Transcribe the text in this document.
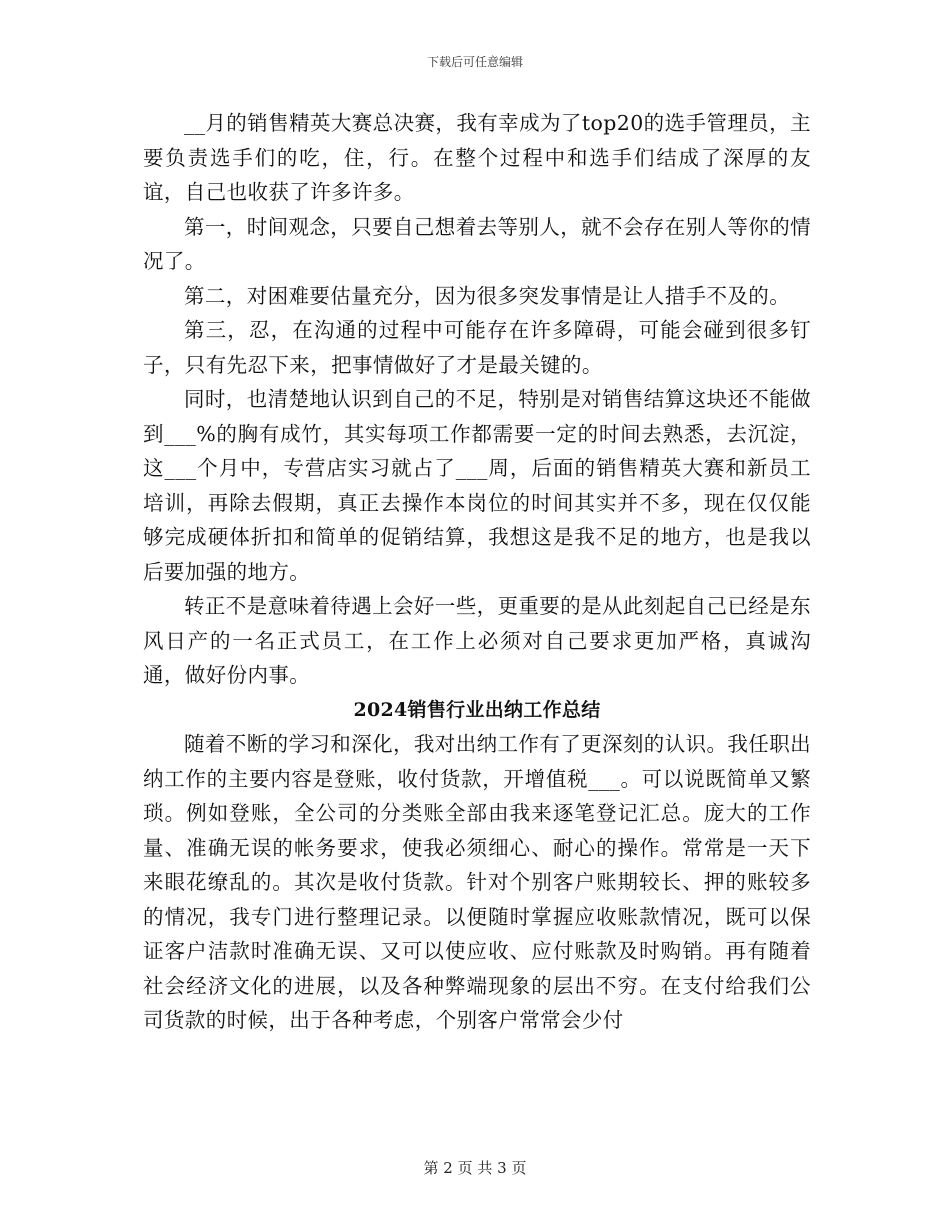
下载后可任意编辑

__月的销售精英大赛总决赛，我有幸成为了top20的选手管理员，主要负责选手们的吃，住，行。在整个过程中和选手们结成了深厚的友谊，自己也收获了许多许多。

第一，时间观念，只要自己想着去等别人，就不会存在别人等你的情况了。

第二，对困难要估量充分，因为很多突发事情是让人措手不及的。

第三，忍，在沟通的过程中可能存在许多障碍，可能会碰到很多钉子，只有先忍下来，把事情做好了才是最关键的。

同时，也清楚地认识到自己的不足，特别是对销售结算这块还不能做到___%的胸有成竹，其实每项工作都需要一定的时间去熟悉，去沉淀，这___个月中，专营店实习就占了___周，后面的销售精英大赛和新员工培训，再除去假期，真正去操作本岗位的时间其实并不多，现在仅仅能够完成硬体折扣和简单的促销结算，我想这是我不足的地方，也是我以后要加强的地方。

转正不是意味着待遇上会好一些，更重要的是从此刻起自己已经是东风日产的一名正式员工，在工作上必须对自己要求更加严格，真诚沟通，做好份内事。

2024销售行业出纳工作总结

随着不断的学习和深化，我对出纳工作有了更深刻的认识。我任职出纳工作的主要内容是登账，收付货款，开增值税___。可以说既简单又繁琐。例如登账，全公司的分类账全部由我来逐笔登记汇总。庞大的工作量、准确无误的帐务要求，使我必须细心、耐心的操作。常常是一天下来眼花缭乱的。其次是收付货款。针对个别客户账期较长、押的账较多的情况，我专门进行整理记录。以便随时掌握应收账款情况，既可以保证客户洁款时准确无误、又可以使应收、应付账款及时购销。再有随着社会经济文化的进展，以及各种弊端现象的层出不穷。在支付给我们公司货款的时候，出于各种考虑，个别客户常常会少付

第 2 页 共 3 页
